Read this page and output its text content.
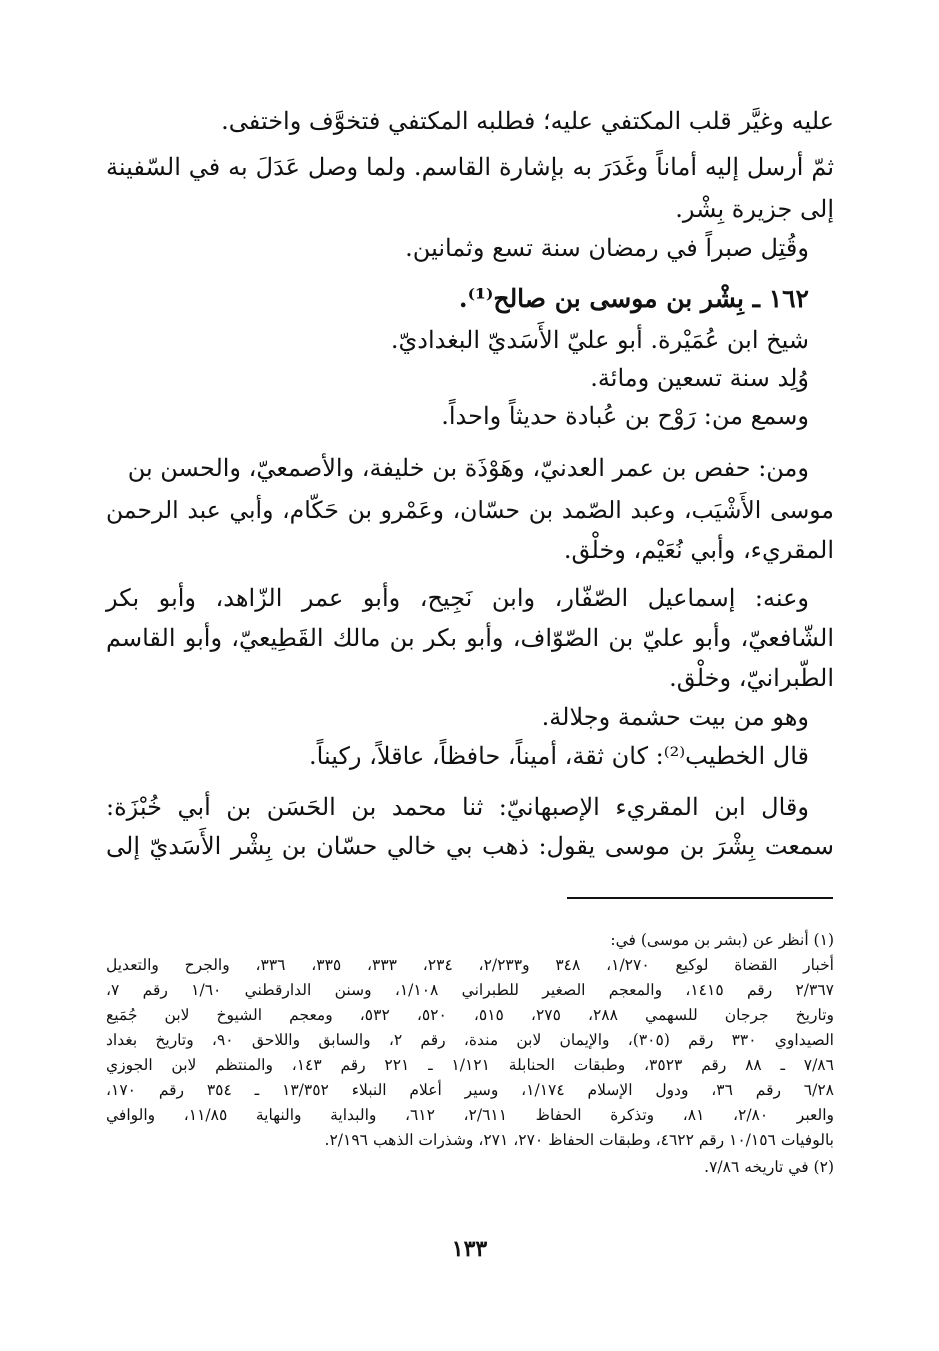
عليه وغيَّر قلب المكتفي عليه؛ فطلبه المكتفي فتخوَّف واختفى.
ثمّ أرسل إليه أماناً وغَدَرَ به بإشارة القاسم. ولما وصل عَدَلَ به في السّفينة
إلى جزيرة بِشْر.
وقُتِل صبراً في رمضان سنة تسع وثمانين.
١٦٢ ـ بِشْر بن موسى بن صالح⁽¹⁾.
شيخ ابن عُمَيْرة. أبو عليّ الأَسَديّ البغداديّ.
وُلِد سنة تسعين ومائة.
وسمع من: رَوْح بن عُبادة حديثاً واحداً.
ومن: حفص بن عمر العدنيّ، وهَوْذَة بن خليفة، والأصمعيّ، والحسن بن
موسى الأَشْيَب، وعبد الصّمد بن حسّان، وعَمْرو بن حَكّام، وأبي عبد الرحمن
المقريء، وأبي نُعَيْم، وخلْق.
وعنه: إسماعيل الصّفّار، وابن نَجِيح، وأبو عمر الزّاهد، وأبو بكر
الشّافعيّ، وأبو عليّ بن الصّوّاف، وأبو بكر بن مالك القَطِيعيّ، وأبو القاسم
الطّبرانيّ، وخلْق.
وهو من بيت حشمة وجلالة.
قال الخطيب⁽²⁾: كان ثقة، أميناً، حافظاً، عاقلاً، ركيناً.
وقال ابن المقريء الإصبهانيّ: ثنا محمد بن الحَسَن بن أبي خُبْزَة:
سمعت بِشْرَ بن موسى يقول: ذهب بي خالي حسّان بن بِشْر الأَسَديّ إلى
(١) أنظر عن (بشر بن موسى) في:
أخبار القضاة لوكيع ١/٢٧٠، ٣٤٨ و٢/٢٣٣، ٢٣٤، ٣٣٣، ٣٣٥، ٣٣٦، والجرح والتعديل
٢/٣٦٧ رقم ١٤١٥، والمعجم الصغير للطبراني ١/١٠٨، وسنن الدارقطني ١/٦٠ رقم ٧،
وتاريخ جرجان للسهمي ٢٨٨، ٢٧٥، ٥١٥، ٥٢٠، ٥٣٢، ومعجم الشيوخ لابن جُمَيع
الصيداوي ٣٣٠ رقم (٣٠٥)، والإيمان لابن مندة، رقم ٢، والسابق واللاحق ٩٠، وتاريخ بغداد
٧/٨٦ ـ ٨٨ رقم ٣٥٢٣، وطبقات الحنابلة ١/١٢١ ـ ٢٢١ رقم ١٤٣، والمنتظم لابن الجوزي
٦/٢٨ رقم ٣٦، ودول الإسلام ١/١٧٤، وسير أعلام النبلاء ١٣/٣٥٢ ـ ٣٥٤ رقم ١٧٠،
والعبر ٢/٨٠، ٨١، وتذكرة الحفاظ ٢/٦١١، ٦١٢، والبداية والنهاية ١١/٨٥، والوافي
بالوفيات ١٠/١٥٦ رقم ٤٦٢٢، وطبقات الحفاظ ٢٧٠، ٢٧١، وشذرات الذهب ٢/١٩٦.
(٢) في تاريخه ٧/٨٦.
١٣٣
